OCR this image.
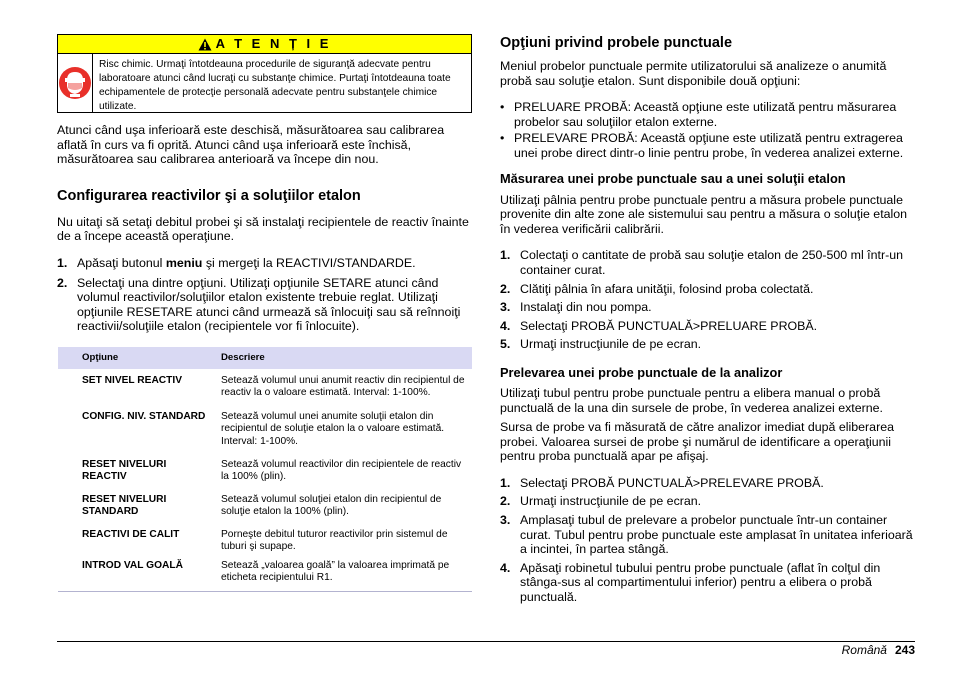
A T E N Ț I E
Risc chimic. Urmaţi întotdeauna procedurile de siguranţă adecvate pentru laboratoare atunci când lucraţi cu substanţe chimice. Purtaţi întotdeauna toate echipamentele de protecţie personală adecvate pentru substanţele chimice utilizate.

Atunci când uşa inferioară este deschisă, măsurătoarea sau calibrarea aflată în curs va fi oprită. Atunci când uşa inferioară este închisă, măsurătoarea sau calibrarea anterioară va începe din nou.

Configurarea reactivilor şi a soluţiilor etalon

Nu uitaţi să setaţi debitul probei şi să instalaţi recipientele de reactiv înainte de a începe această operaţiune.

1. Apăsaţi butonul meniu şi mergeţi la REACTIVI/STANDARDE.
2. Selectaţi una dintre opţiuni. Utilizaţi opţiunile SETARE atunci când volumul reactivilor/soluţiilor etalon existente trebuie reglat. Utilizaţi opţiunile RESETARE atunci când urmează să înlocuiţi sau să reînnoiţi reactivii/soluţiile etalon (recipientele vor fi înlocuite).
Opţiune	Descriere
SET NIVEL REACTIV	Setează volumul unui anumit reactiv din recipientul de reactiv la o valoare estimată. Interval: 1-100%.
CONFIG. NIV. STANDARD	Setează volumul unei anumite soluţii etalon din recipientul de soluţie etalon la o valoare estimată. Interval: 1-100%.
RESET NIVELURI REACTIV	Setează volumul reactivilor din recipientele de reactiv la 100% (plin).
RESET NIVELURI STANDARD	Setează volumul soluţiei etalon din recipientul de soluţie etalon la 100% (plin).
REACTIVI DE CALIT	Porneşte debitul tuturor reactivilor prin sistemul de tuburi şi supape.
INTROD VAL GOALĂ	Setează „valoarea goală” la valoarea imprimată pe eticheta recipientului R1.
Opţiuni privind probele punctuale

Meniul probelor punctuale permite utilizatorului să analizeze o anumită probă sau soluţie etalon. Sunt disponibile două opţiuni:

• PRELUARE PROBĂ: Această opţiune este utilizată pentru măsurarea probelor sau soluţiilor etalon externe.
• PRELEVARE PROBĂ: Această opţiune este utilizată pentru extragerea unei probe direct dintr-o linie pentru probe, în vederea analizei externe.
Măsurarea unei probe punctuale sau a unei soluţii etalon

Utilizaţi pâlnia pentru probe punctuale pentru a măsura probele punctuale provenite din alte zone ale sistemului sau pentru a măsura o soluţie etalon în vederea verificării calibrării.

1. Colectaţi o cantitate de probă sau soluţie etalon de 250-500 ml într-un container curat.
2. Clătiţi pâlnia în afara unităţii, folosind proba colectată.
3. Instalaţi din nou pompa.
4. Selectaţi PROBĂ PUNCTUALĂ>PRELUARE PROBĂ.
5. Urmaţi instrucţiunile de pe ecran.
Prelevarea unei probe punctuale de la analizor

Utilizaţi tubul pentru probe punctuale pentru a elibera manual o probă punctuală de la una din sursele de probe, în vederea analizei externe.

Sursa de probe va fi măsurată de către analizor imediat după eliberarea probei. Valoarea sursei de probe şi numărul de identificare a operaţiunii pentru proba punctuală apar pe afişaj.

1. Selectaţi PROBĂ PUNCTUALĂ>PRELEVARE PROBĂ.
2. Urmaţi instrucţiunile de pe ecran.
3. Amplasaţi tubul de prelevare a probelor punctuale într-un container curat. Tubul pentru probe punctuale este amplasat în unitatea inferioară a incintei, în partea stângă.
4. Apăsaţi robinetul tubului pentru probe punctuale (aflat în colţul din stânga-sus al compartimentului inferior) pentru a elibera o probă punctuală.
Română 243
